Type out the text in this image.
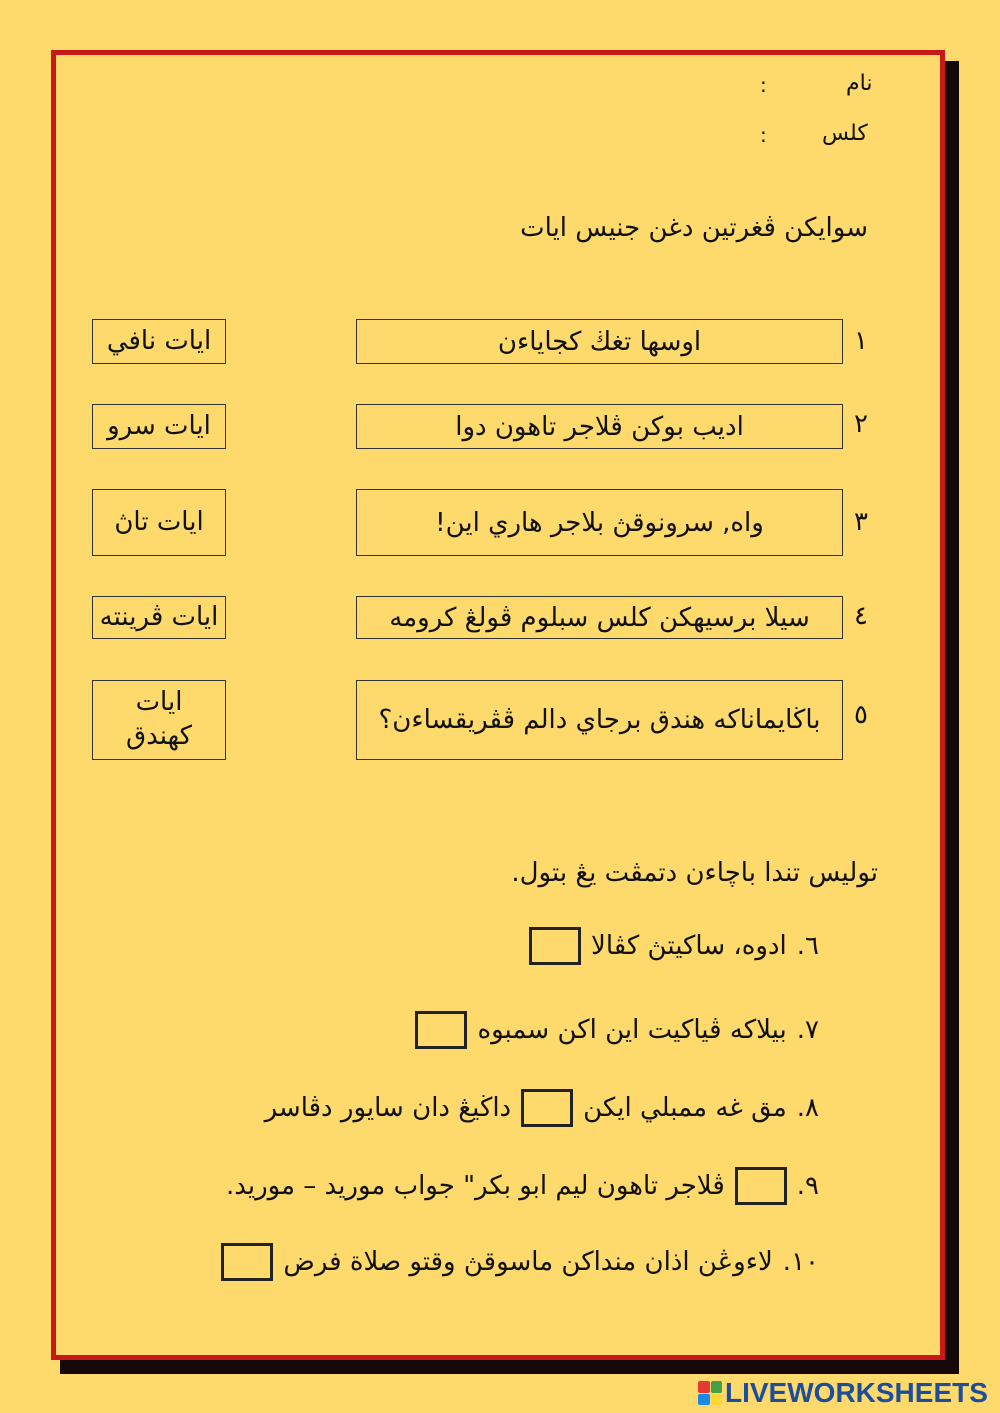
نام
:
كلس
:
سوايكن ڤغرتين دغن جنيس ايات
١
اوسها تغڬ كجاياءن
ايات نافي
٢
اديب بوكن ڤلاجر تاهون دوا
ايات سرو
٣
واه, سرونوقڽ بلاجر هاري اين!
ايات تاڽ
٤
سيلا برسيهكن كلس سبلوم ڤولڠ كرومه
ايات ڤرينته
٥
باڬايماناكه هندق برجاي دالم ڤڤريقساءن؟
ايات كهندق
توليس تندا باچاءن دتمڤت يڠ بتول.
٦.
ادوه، ساكيتڽ كڤالا
٧.
بيلاكه ڤياكيت اين اكن سمبوه
٨.
مق غه ممبلي ايكن
داڬيڠ دان سايور دڤاسر
٩.
ڤلاجر تاهون ليم ابو بكر" جواب موريد – موريد.
١٠.
لاءوڠن اذان منداكن ماسوقڽ وقتو صلاة فرض
LIVEWORKSHEETS
